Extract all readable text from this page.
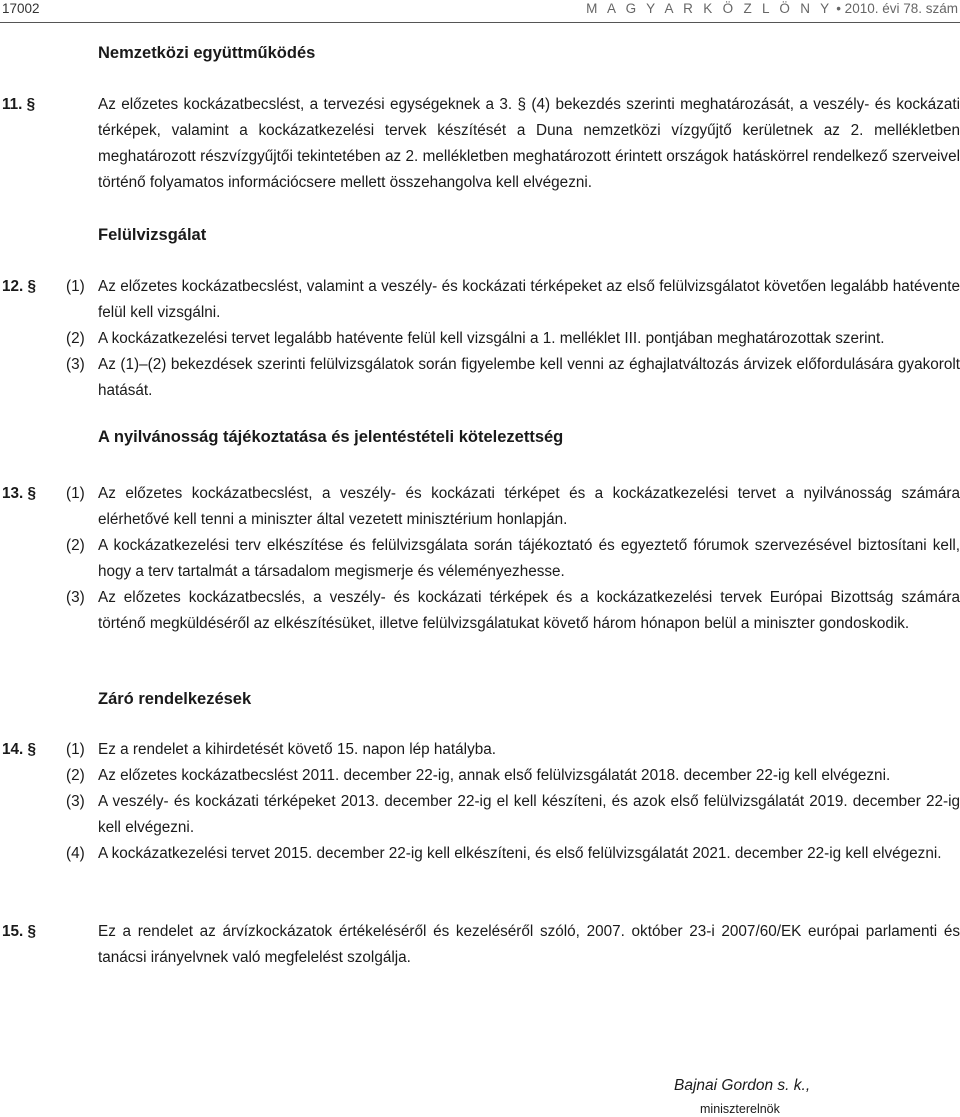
17002	M A G Y A R K Ö Z L Ö N Y • 2010. évi 78. szám
Nemzetközi együttműködés
11. §	Az előzetes kockázatbecslést, a tervezési egységeknek a 3. § (4) bekezdés szerinti meghatározását, a veszély- és kockázati térképek, valamint a kockázatkezelési tervek készítését a Duna nemzetközi vízgyűjtő kerületnek az 2. mellékletben meghatározott részvízgyűjtői tekintetében az 2. mellékletben meghatározott érintett országok hatáskörrel rendelkező szerveivel történő folyamatos információcsere mellett összehangolva kell elvégezni.
Felülvizsgálat
12. § (1) Az előzetes kockázatbecslést, valamint a veszély- és kockázati térképeket az első felülvizsgálatot követően legalább hatévente felül kell vizsgálni.
(2) A kockázatkezelési tervet legalább hatévente felül kell vizsgálni a 1. melléklet III. pontjában meghatározottak szerint.
(3) Az (1)–(2) bekezdések szerinti felülvizsgálatok során figyelembe kell venni az éghajlatváltozás árvizek előfordulására gyakorolt hatását.
A nyilvánosság tájékoztatása és jelentéstételi kötelezettség
13. § (1) Az előzetes kockázatbecslést, a veszély- és kockázati térképet és a kockázatkezelési tervet a nyilvánosság számára elérhetővé kell tenni a miniszter által vezetett minisztérium honlapján.
(2) A kockázatkezelési terv elkészítése és felülvizsgálata során tájékoztató és egyeztető fórumok szervezésével biztosítani kell, hogy a terv tartalmát a társadalom megismerje és véleményezhesse.
(3) Az előzetes kockázatbecslés, a veszély- és kockázati térképek és a kockázatkezelési tervek Európai Bizottság számára történő megküldéséről az elkészítésüket, illetve felülvizsgálatukat követő három hónapon belül a miniszter gondoskodik.
Záró rendelkezések
14. § (1) Ez a rendelet a kihirdetését követő 15. napon lép hatályba.
(2) Az előzetes kockázatbecslést 2011. december 22-ig, annak első felülvizsgálatát 2018. december 22-ig kell elvégezni.
(3) A veszély- és kockázati térképeket 2013. december 22-ig el kell készíteni, és azok első felülvizsgálatát 2019. december 22-ig kell elvégezni.
(4) A kockázatkezelési tervet 2015. december 22-ig kell elkészíteni, és első felülvizsgálatát 2021. december 22-ig kell elvégezni.
15. §	Ez a rendelet az árvízkockázatok értékeléséről és kezeléséről szóló, 2007. október 23-i 2007/60/EK európai parlamenti és tanácsi irányelvnek való megfelelést szolgálja.
Bajnai Gordon s. k.,
miniszterelnök
